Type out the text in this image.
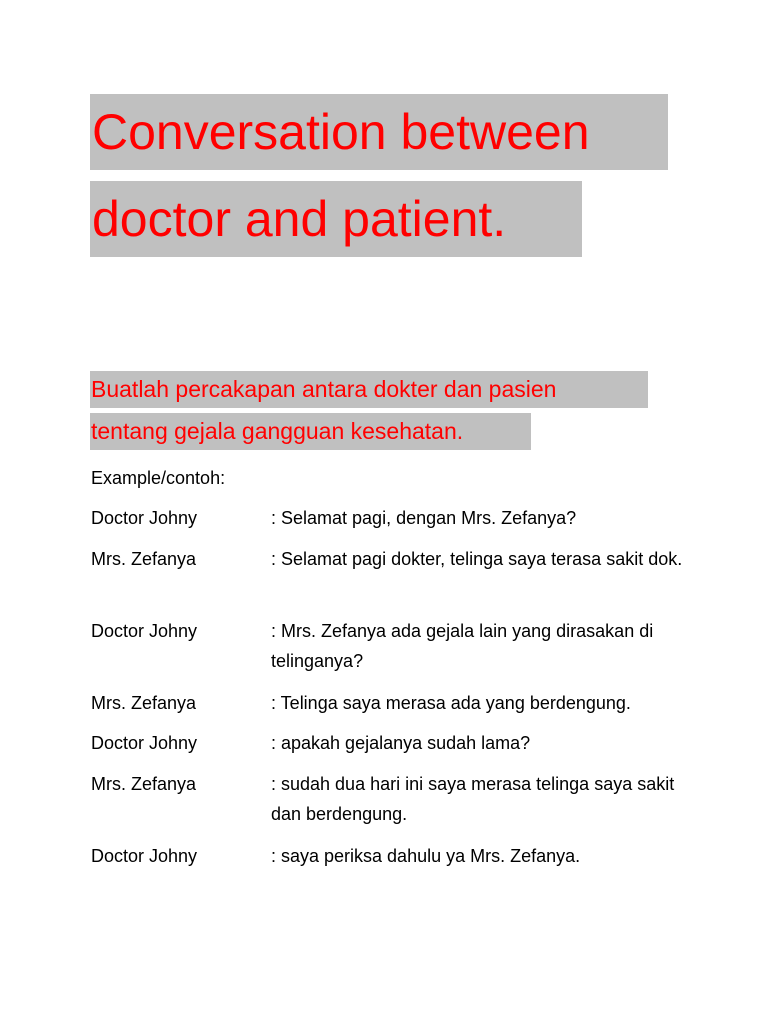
Conversation between
doctor and patient.
Buatlah percakapan antara dokter dan pasien
tentang gejala gangguan kesehatan.
Example/contoh:
Doctor Johny	: Selamat pagi, dengan Mrs. Zefanya?
Mrs. Zefanya	: Selamat pagi dokter, telinga saya terasa sakit dok.
Doctor Johny	: Mrs. Zefanya ada gejala lain yang dirasakan di telinganya?
Mrs. Zefanya	: Telinga saya merasa ada yang berdengung.
Doctor Johny	: apakah gejalanya sudah lama?
Mrs. Zefanya	: sudah dua hari ini saya merasa telinga saya sakit dan berdengung.
Doctor Johny	: saya periksa dahulu ya Mrs. Zefanya.
